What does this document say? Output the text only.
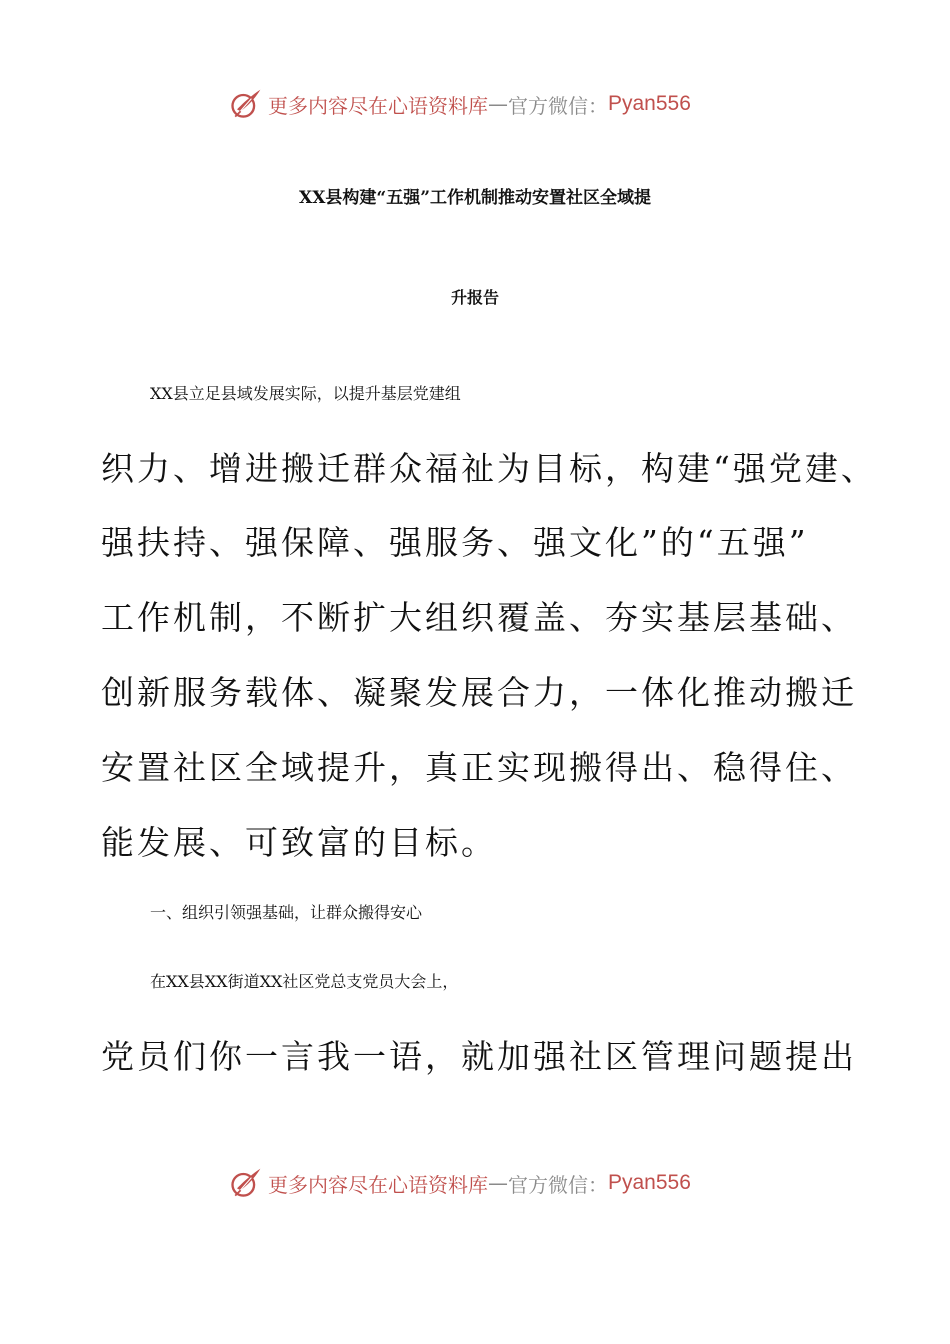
更多内容尽在心语资料库 — 官方微信： Pyan556
XX县构建“五强”工作机制推动安置社区全域提
升报告
XX县立足县域发展实际，以提升基层党建组
织力、增进搬迁群众福祉为目标，构建“强党建、
强扶持、强保障、强服务、强文化”的“五强”
工作机制，不断扩大组织覆盖、夯实基层基础、
创新服务载体、凝聚发展合力，一体化推动搬迁
安置社区全域提升，真正实现搬得出、稳得住、
能发展、可致富的目标。
一、组织引领强基础，让群众搬得安心
在XX县XX街道XX社区党总支党员大会上，
党员们你一言我一语，就加强社区管理问题提出
更多内容尽在心语资料库 — 官方微信： Pyan556
